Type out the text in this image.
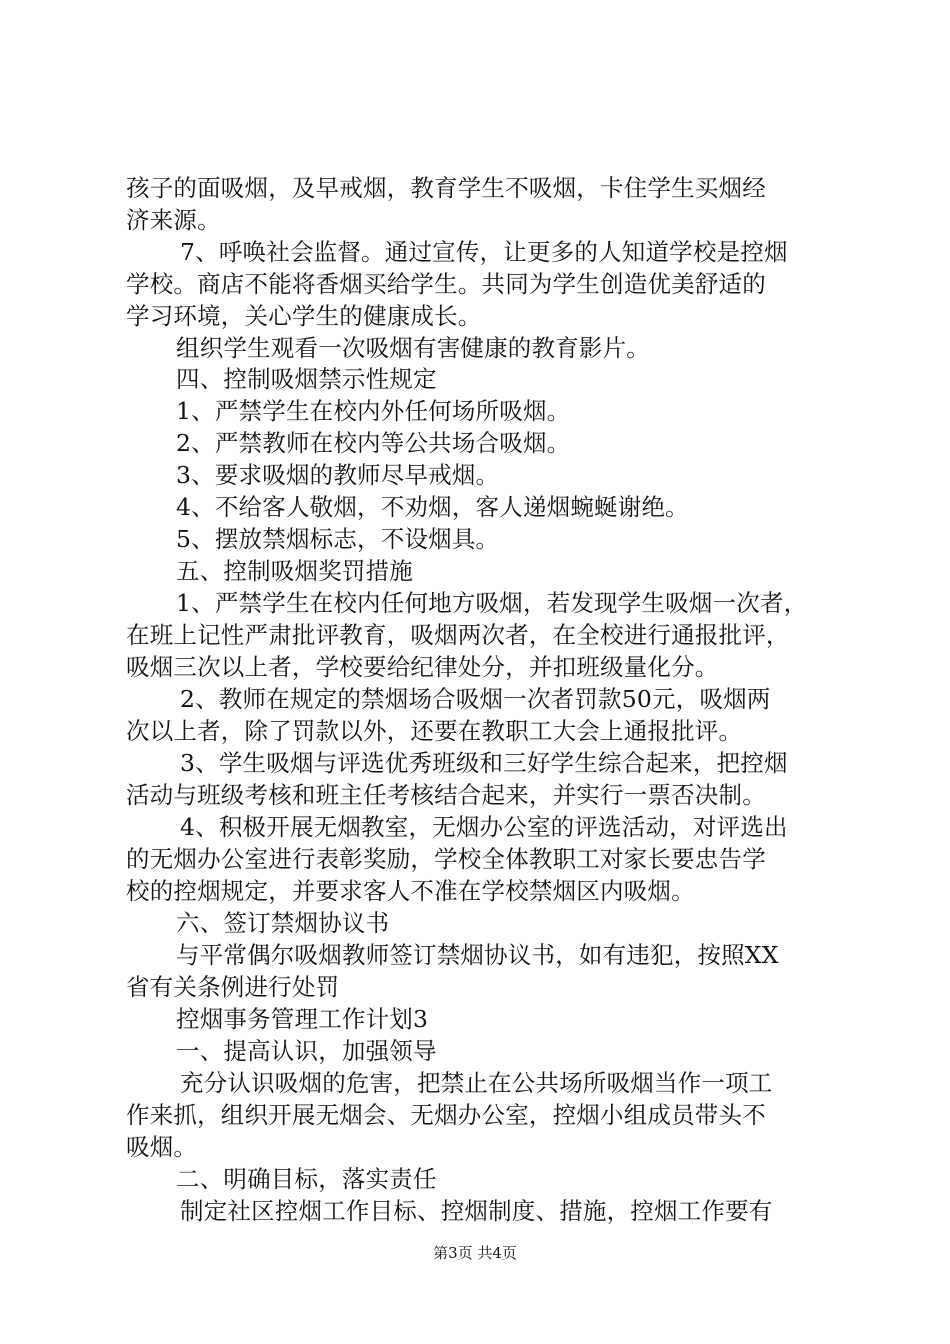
孩子的面吸烟，及早戒烟，教育学生不吸烟，卡住学生买烟经
济来源。
7、呼唤社会监督。通过宣传，让更多的人知道学校是控烟
学校。商店不能将香烟买给学生。共同为学生创造优美舒适的
学习环境，关心学生的健康成长。
组织学生观看一次吸烟有害健康的教育影片。
四、控制吸烟禁示性规定
1、严禁学生在校内外任何场所吸烟。
2、严禁教师在校内等公共场合吸烟。
3、要求吸烟的教师尽早戒烟。
4、不给客人敬烟，不劝烟，客人递烟蜿蜒谢绝。
5、摆放禁烟标志，不设烟具。
五、控制吸烟奖罚措施
1、严禁学生在校内任何地方吸烟，若发现学生吸烟一次者，
在班上记性严肃批评教育，吸烟两次者，在全校进行通报批评，
吸烟三次以上者，学校要给纪律处分，并扣班级量化分。
2、教师在规定的禁烟场合吸烟一次者罚款50元，吸烟两
次以上者，除了罚款以外，还要在教职工大会上通报批评。
3、学生吸烟与评选优秀班级和三好学生综合起来，把控烟
活动与班级考核和班主任考核结合起来，并实行一票否决制。
4、积极开展无烟教室，无烟办公室的评选活动，对评选出
的无烟办公室进行表彰奖励，学校全体教职工对家长要忠告学
校的控烟规定，并要求客人不准在学校禁烟区内吸烟。
六、签订禁烟协议书
与平常偶尔吸烟教师签订禁烟协议书，如有违犯，按照XX
省有关条例进行处罚
控烟事务管理工作计划3
一、提高认识，加强领导
充分认识吸烟的危害，把禁止在公共场所吸烟当作一项工
作来抓，组织开展无烟会、无烟办公室，控烟小组成员带头不
吸烟。
二、明确目标，落实责任
制定社区控烟工作目标、控烟制度、措施，控烟工作要有
第3页 共4页
